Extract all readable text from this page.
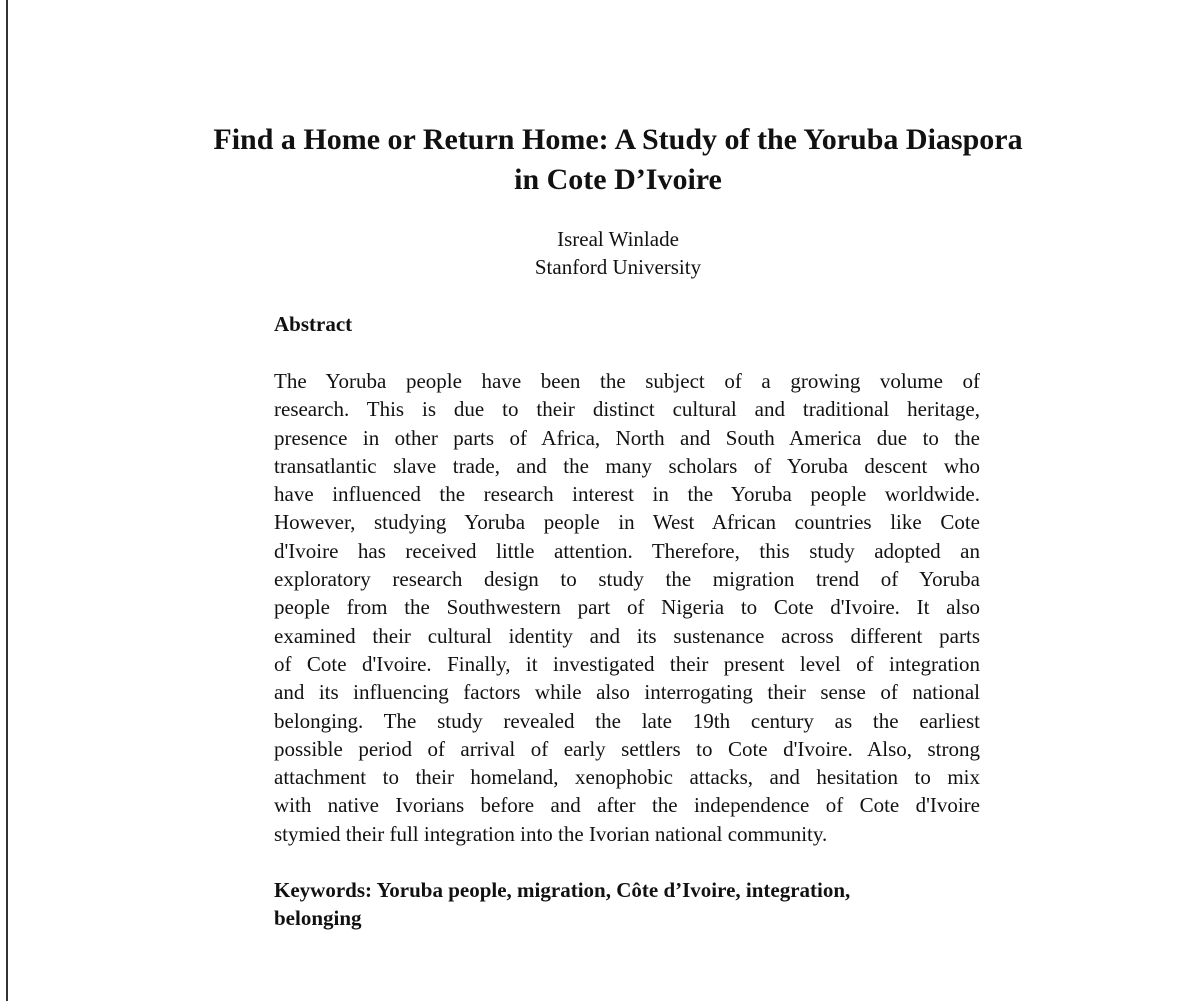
Find a Home or Return Home: A Study of the Yoruba Diaspora
in Cote D’Ivoire
Isreal Winlade
Stanford University
Abstract
The Yoruba people have been the subject of a growing volume of
research. This is due to their distinct cultural and traditional heritage,
presence in other parts of Africa, North and South America due to the
transatlantic slave trade, and the many scholars of Yoruba descent who
have influenced the research interest in the Yoruba people worldwide.
However, studying Yoruba people in West African countries like Cote
d'Ivoire has received little attention. Therefore, this study adopted an
exploratory research design to study the migration trend of Yoruba
people from the Southwestern part of Nigeria to Cote d'Ivoire. It also
examined their cultural identity and its sustenance across different parts
of Cote d'Ivoire. Finally, it investigated their present level of integration
and its influencing factors while also interrogating their sense of national
belonging. The study revealed the late 19th century as the earliest
possible period of arrival of early settlers to Cote d'Ivoire. Also, strong
attachment to their homeland, xenophobic attacks, and hesitation to mix
with native Ivorians before and after the independence of Cote d'Ivoire
stymied their full integration into the Ivorian national community.
Keywords: Yoruba people, migration, Côte d’Ivoire, integration,
belonging
